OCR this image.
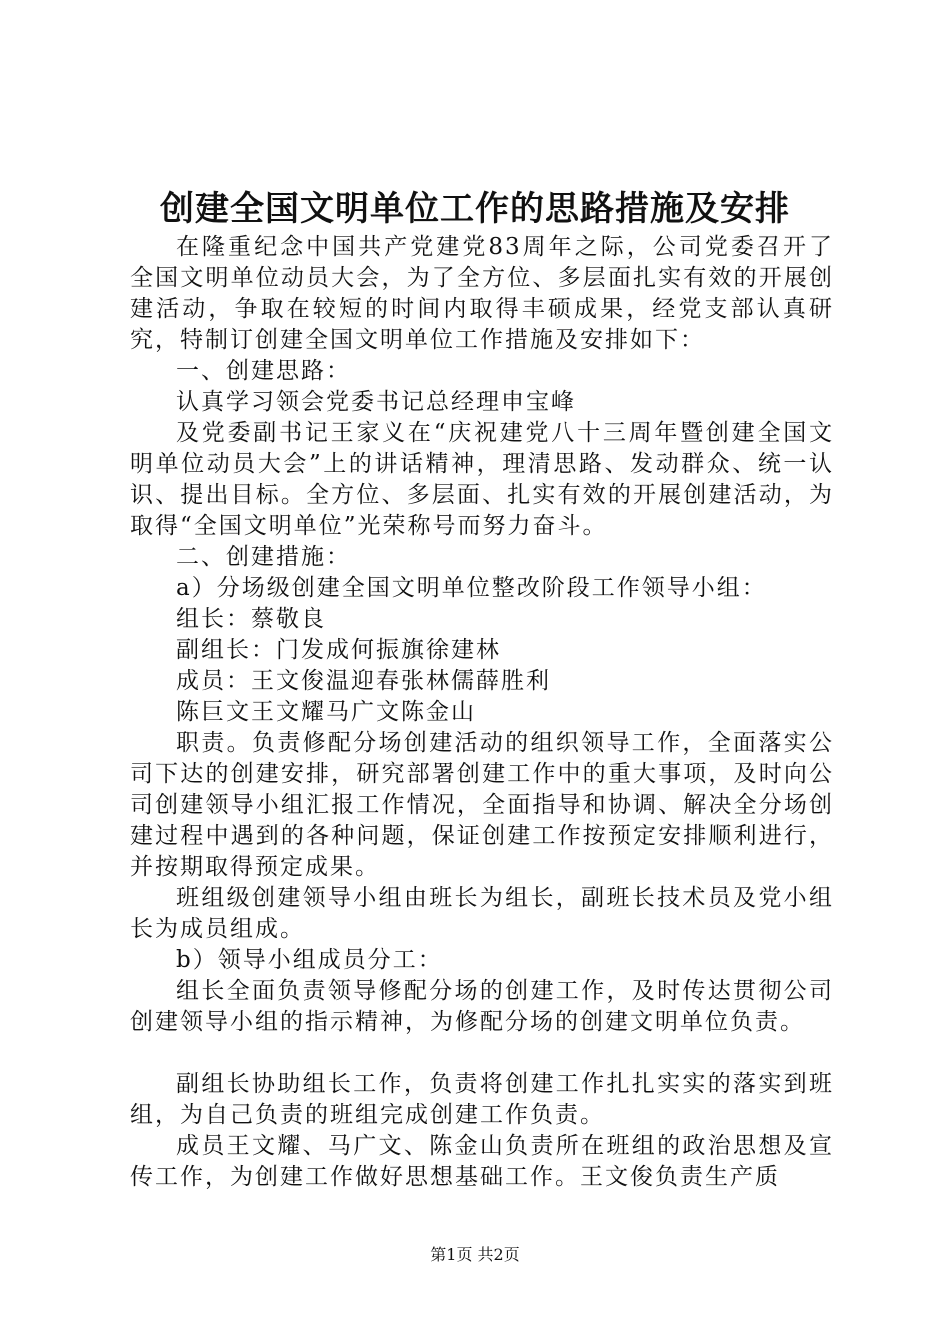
创建全国文明单位工作的思路措施及安排

在隆重纪念中国共产党建党83周年之际，公司党委召开了全国文明单位动员大会，为了全方位、多层面扎实有效的开展创建活动，争取在较短的时间内取得丰硕成果，经党支部认真研究，特制订创建全国文明单位工作措施及安排如下：

一、创建思路：

认真学习领会党委书记总经理申宝峰

及党委副书记王家义在“庆祝建党八十三周年暨创建全国文明单位动员大会”上的讲话精神，理清思路、发动群众、统一认识、提出目标。全方位、多层面、扎实有效的开展创建活动，为取得“全国文明单位”光荣称号而努力奋斗。

二、创建措施：

a）分场级创建全国文明单位整改阶段工作领导小组：

组长：蔡敬良

副组长：门发成何振旗徐建林

成员：王文俊温迎春张林儒薛胜利

陈巨文王文耀马广文陈金山

职责。负责修配分场创建活动的组织领导工作，全面落实公司下达的创建安排，研究部署创建工作中的重大事项，及时向公司创建领导小组汇报工作情况，全面指导和协调、解决全分场创建过程中遇到的各种问题，保证创建工作按预定安排顺利进行，并按期取得预定成果。

班组级创建领导小组由班长为组长，副班长技术员及党小组长为成员组成。

b）领导小组成员分工：

组长全面负责领导修配分场的创建工作，及时传达贯彻公司创建领导小组的指示精神，为修配分场的创建文明单位负责。

副组长协助组长工作，负责将创建工作扎扎实实的落实到班组，为自己负责的班组完成创建工作负责。

成员王文耀、马广文、陈金山负责所在班组的政治思想及宣传工作，为创建工作做好思想基础工作。王文俊负责生产质

第1页 共2页
